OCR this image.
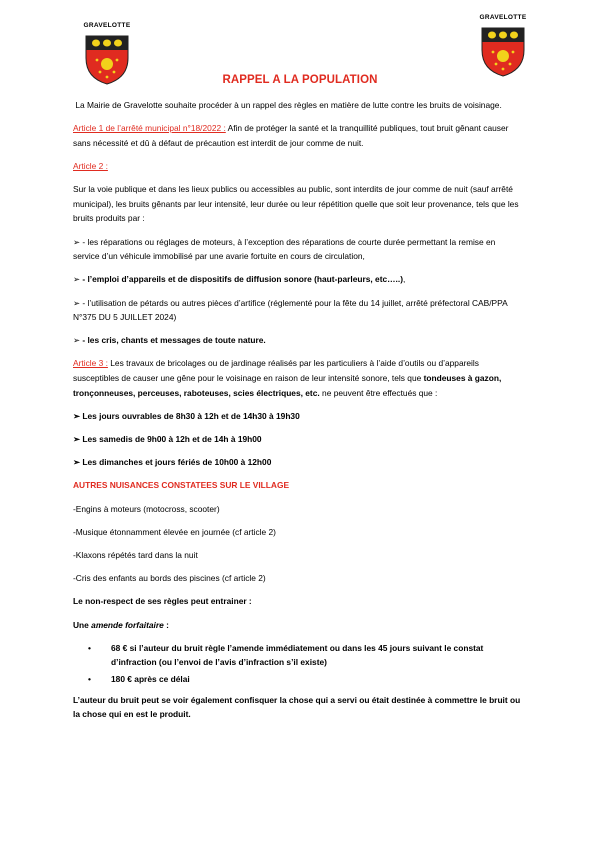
GRAVELOTTE
GRAVELOTTE
RAPPEL A LA POPULATION

La Mairie de Gravelotte souhaite procéder à un rappel des règles en matière de lutte contre les bruits de voisinage.

Article 1 de l’arrêté municipal n°18/2022 : Afin de protéger la santé et la tranquillité publiques, tout bruit gênant causer sans nécessité et dû à défaut de précaution est interdit de jour comme de nuit.

Article 2 :

Sur la voie publique et dans les lieux publics ou accessibles au public, sont interdits de jour comme de nuit (sauf arrêté municipal), les bruits gênants par leur intensité, leur durée ou leur répétition quelle que soit leur provenance, tels que les bruits produits par :

➢ - les réparations ou réglages de moteurs, à l’exception des réparations de courte durée permettant la remise en service d’un véhicule immobilisé par une avarie fortuite en cours de circulation,

➢ - l’emploi d’appareils et de dispositifs de diffusion sonore (haut-parleurs, etc…..),

➢ - l’utilisation de pétards ou autres pièces d’artifice (réglementé pour la fête du 14 juillet, arrêté préfectoral CAB/PPA N°375 DU 5 JUILLET 2024)

➢ - les cris, chants et messages de toute nature.

Article 3 : Les travaux de bricolages ou de jardinage réalisés par les particuliers à l’aide d’outils ou d’appareils susceptibles de causer une gêne pour le voisinage en raison de leur intensité sonore, tels que tondeuses à gazon, tronçonneuses, perceuses, raboteuses, scies électriques, etc. ne peuvent être effectués que :

➢ Les jours ouvrables de 8h30 à 12h et de 14h30 à 19h30

➢ Les samedis de 9h00 à 12h et de 14h à 19h00

➢ Les dimanches et jours fériés de 10h00 à 12h00

AUTRES NUISANCES CONSTATEES SUR LE VILLAGE

-Engins à moteurs (motocross, scooter)

-Musique étonnamment élevée en journée (cf article 2)

-Klaxons répétés tard dans la nuit

-Cris des enfants au bords des piscines (cf article 2)

Le non-respect de ses règles peut entrainer :

Une amende forfaitaire :

• 68 € si l’auteur du bruit règle l’amende immédiatement ou dans les 45 jours suivant le constat d’infraction (ou l’envoi de l’avis d’infraction s’il existe)
• 180 € après ce délai

L’auteur du bruit peut se voir également confisquer la chose qui a servi ou était destinée à commettre le bruit ou la chose qui en est le produit.
